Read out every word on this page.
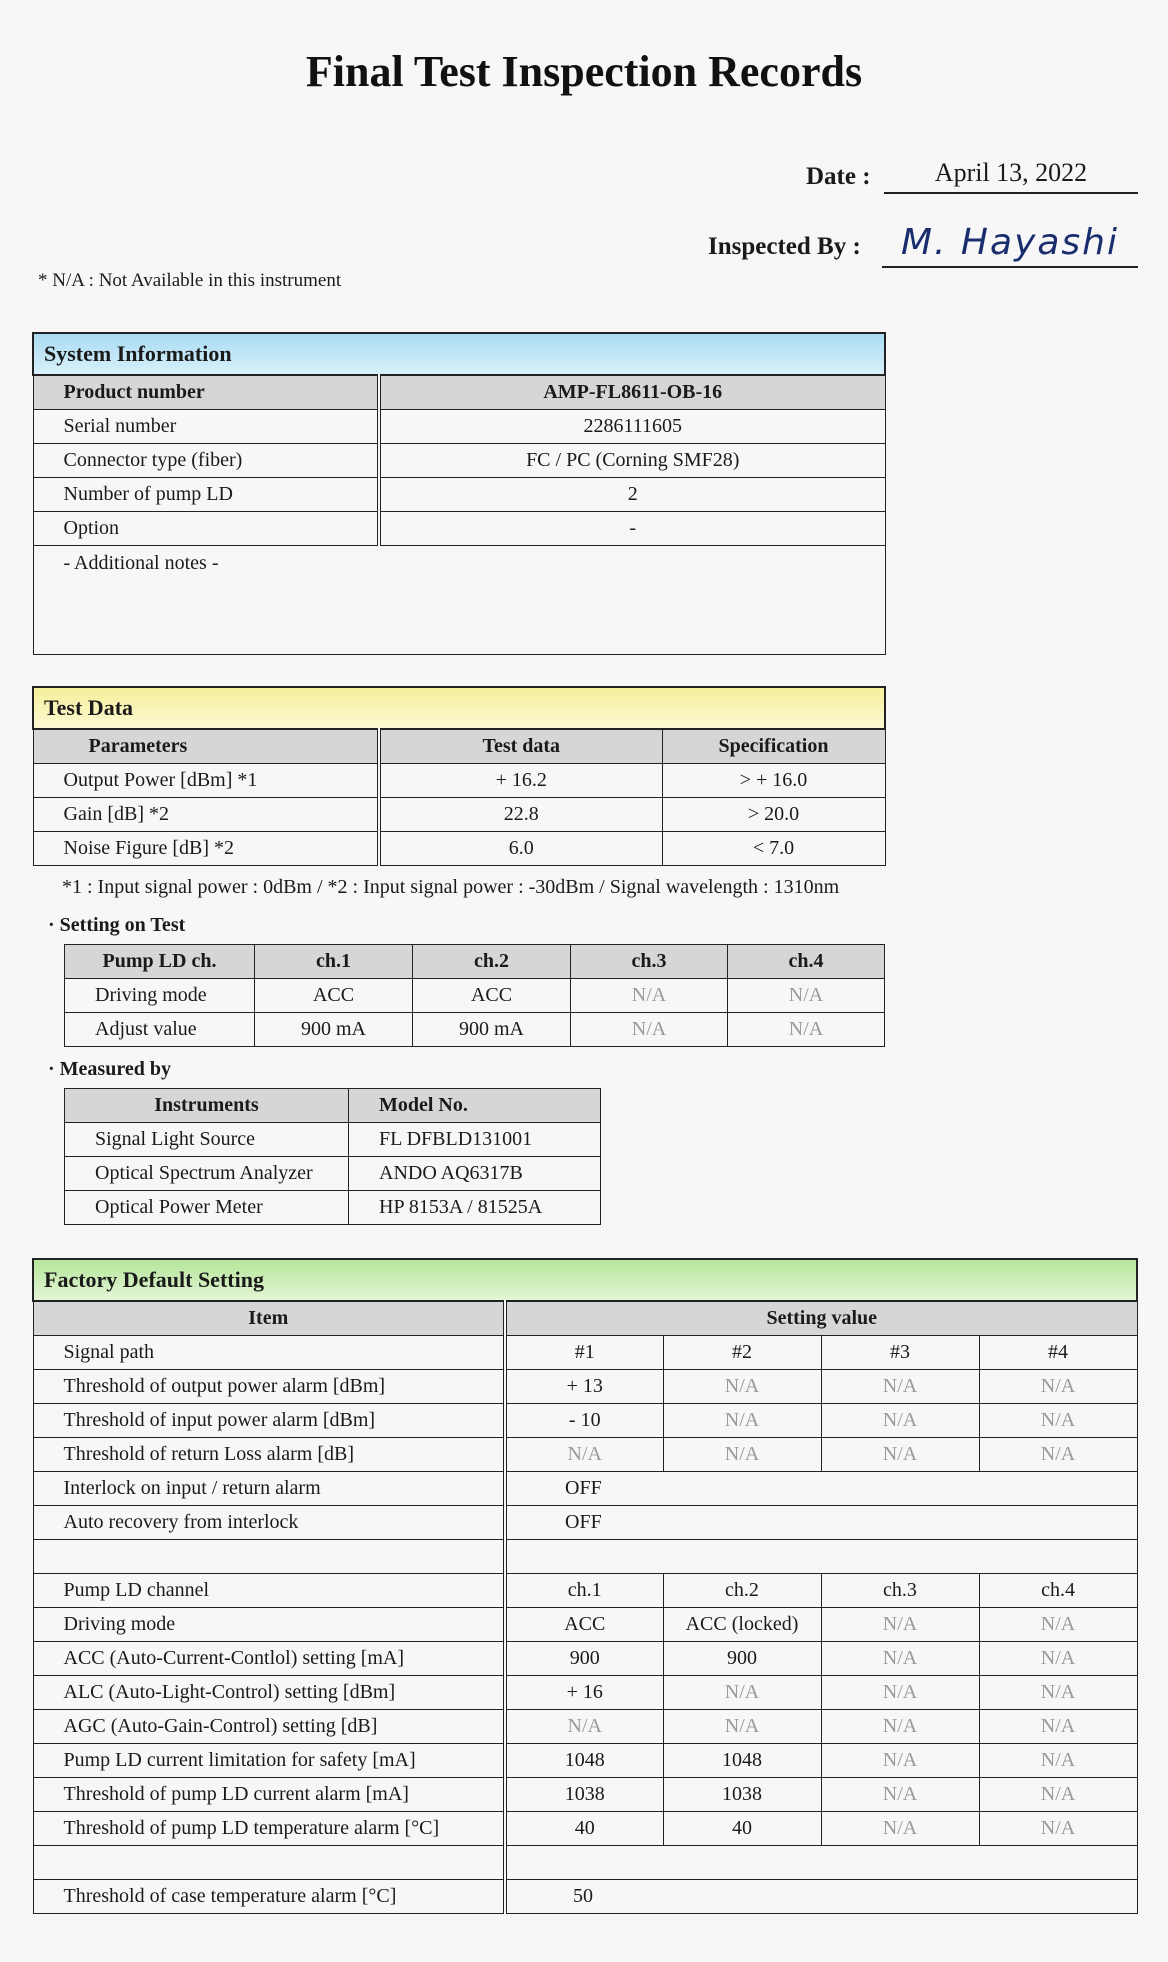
Final Test Inspection Records
Date :	April 13, 2022
Inspected By :	M. Hayashi
* N/A : Not Available in this instrument
System Information	
Product number	AMP-FL8611-OB-16
Serial number	2286111605
Connector type (fiber)	FC / PC (Corning SMF28)
Number of pump LD	2
Option	-
- Additional notes -	
Test Data		
Parameters	Test data	Specification
Output Power [dBm] *1	+ 16.2	> + 16.0
Gain [dB] *2	22.8	> 20.0
Noise Figure [dB] *2	6.0	< 7.0
*1 : Input signal power : 0dBm / *2 : Input signal power : -30dBm / Signal wavelength : 1310nm
· Setting on Test
Pump LD ch.	ch.1	ch.2	ch.3	ch.4
Driving mode	ACC	ACC	N/A	N/A
Adjust value	900 mA	900 mA	N/A	N/A
· Measured by
Instruments	Model No.
Signal Light Source	FL DFBLD131001
Optical Spectrum Analyzer	ANDO AQ6317B
Optical Power Meter	HP 8153A / 81525A
Factory Default Setting				
Item	Setting value			
Signal path	#1	#2	#3	#4
Threshold of output power alarm [dBm]	+ 13	N/A	N/A	N/A
Threshold of input power alarm [dBm]	- 10	N/A	N/A	N/A
Threshold of return Loss alarm [dB]	N/A	N/A	N/A	N/A
Interlock on input / return alarm	OFF			
Auto recovery from interlock	OFF			

Pump LD channel	ch.1	ch.2	ch.3	ch.4
Driving mode	ACC	ACC (locked)	N/A	N/A
ACC (Auto-Current-Contlol) setting [mA]	900	900	N/A	N/A
ALC (Auto-Light-Control) setting [dBm]	+ 16	N/A	N/A	N/A
AGC (Auto-Gain-Control) setting [dB]	N/A	N/A	N/A	N/A
Pump LD current limitation for safety [mA]	1048	1048	N/A	N/A
Threshold of pump LD current alarm [mA]	1038	1038	N/A	N/A
Threshold of pump LD temperature alarm [°C]	40	40	N/A	N/A

Threshold of case temperature alarm [°C]	50			
